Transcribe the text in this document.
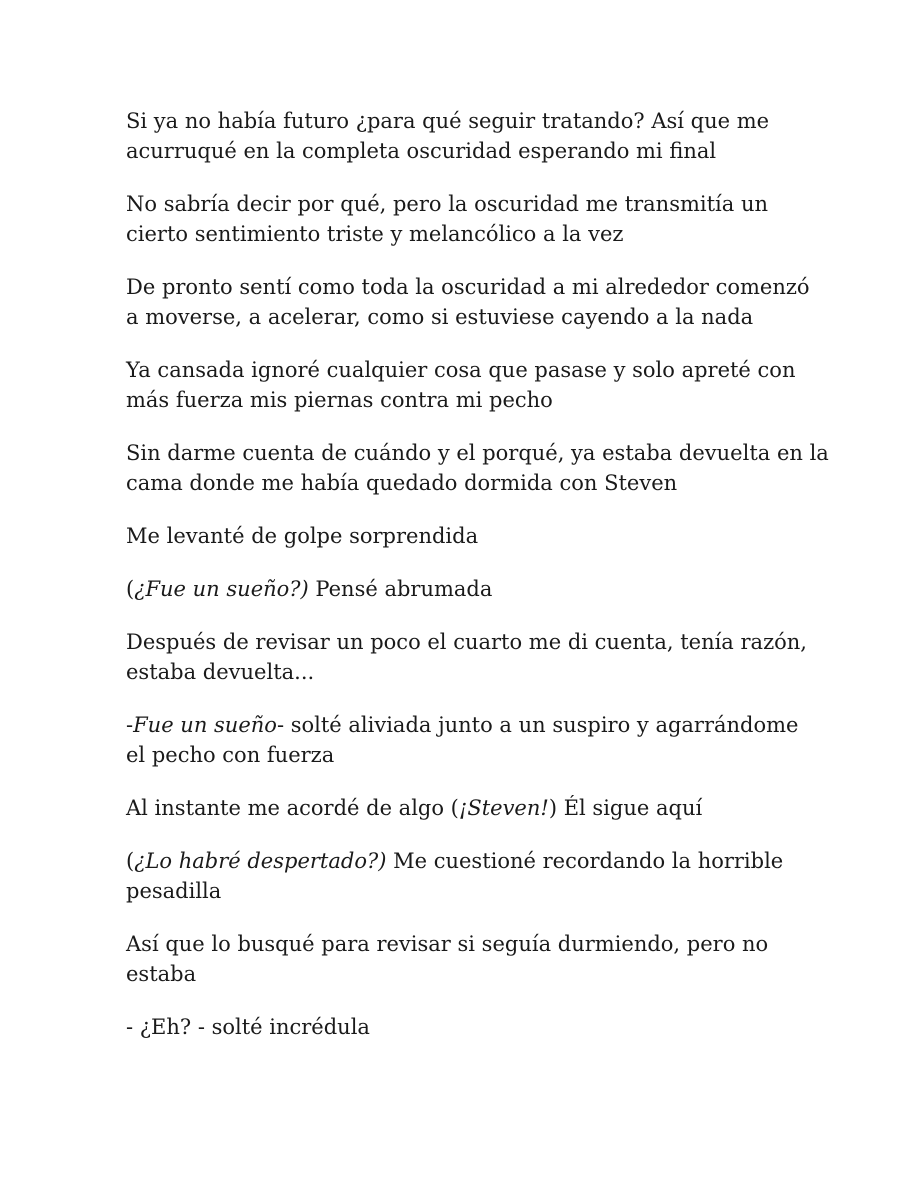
Si ya no había futuro ¿para qué seguir tratando? Así que me
acurruqué en la completa oscuridad esperando mi final

No sabría decir por qué, pero la oscuridad me transmitía un
cierto sentimiento triste y melancólico a la vez

De pronto sentí como toda la oscuridad a mi alrededor comenzó
a moverse, a acelerar, como si estuviese cayendo a la nada

Ya cansada ignoré cualquier cosa que pasase y solo apreté con
más fuerza mis piernas contra mi pecho

Sin darme cuenta de cuándo y el porqué, ya estaba devuelta en la
cama donde me había quedado dormida con Steven

Me levanté de golpe sorprendida

(¿Fue un sueño?) Pensé abrumada

Después de revisar un poco el cuarto me di cuenta, tenía razón,
estaba devuelta...

-Fue un sueño- solté aliviada junto a un suspiro y agarrándome
el pecho con fuerza

Al instante me acordé de algo (¡Steven!) Él sigue aquí

(¿Lo habré despertado?) Me cuestioné recordando la horrible
pesadilla

Así que lo busqué para revisar si seguía durmiendo, pero no
estaba

- ¿Eh? - solté incrédula
